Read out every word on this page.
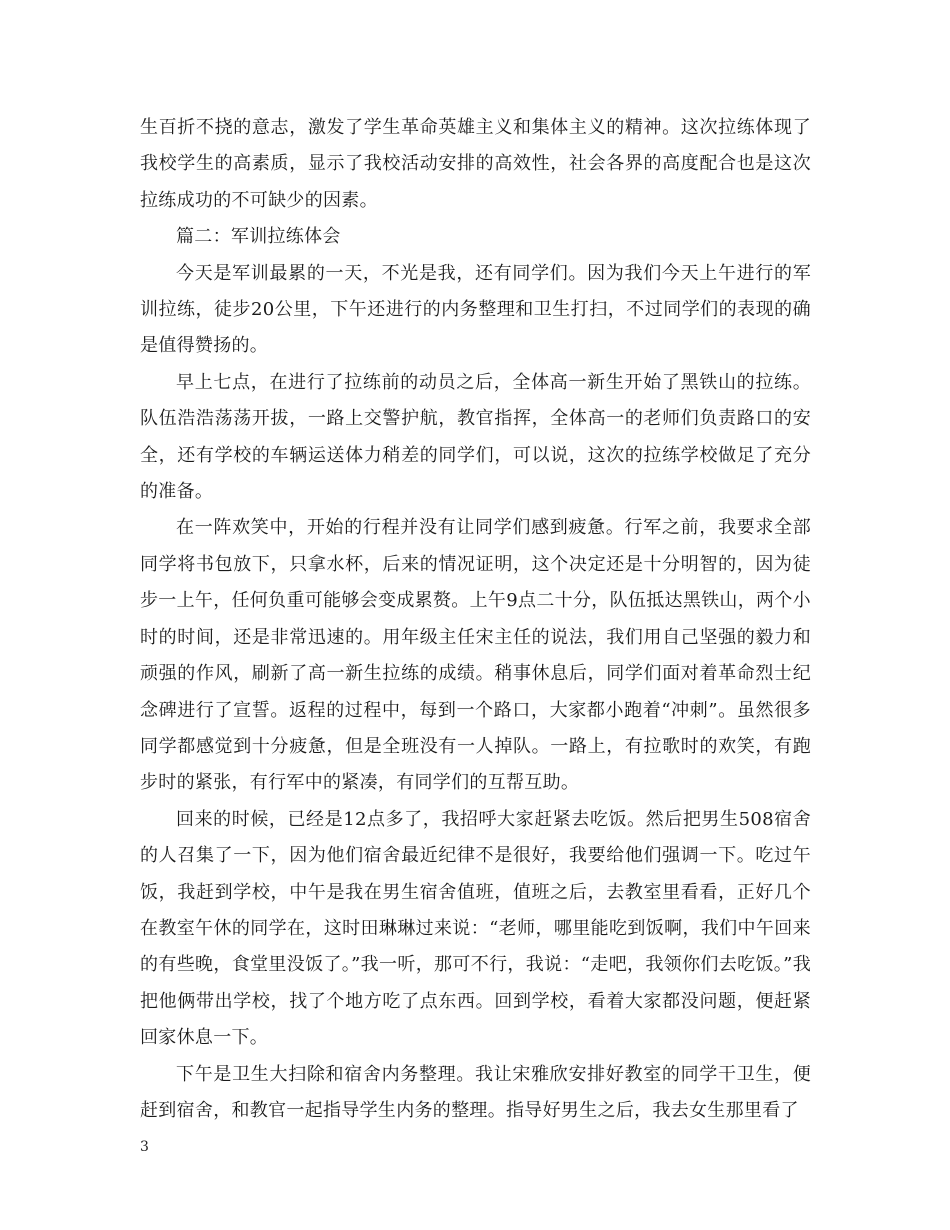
生百折不挠的意志，激发了学生革命英雄主义和集体主义的精神。这次拉练体现了我校学生的高素质，显示了我校活动安排的高效性，社会各界的高度配合也是这次拉练成功的不可缺少的因素。

篇二：军训拉练体会

今天是军训最累的一天，不光是我，还有同学们。因为我们今天上午进行的军训拉练，徒步20公里，下午还进行的内务整理和卫生打扫，不过同学们的表现的确是值得赞扬的。

早上七点，在进行了拉练前的动员之后，全体高一新生开始了黑铁山的拉练。队伍浩浩荡荡开拔，一路上交警护航，教官指挥，全体高一的老师们负责路口的安全，还有学校的车辆运送体力稍差的同学们，可以说，这次的拉练学校做足了充分的准备。

在一阵欢笑中，开始的行程并没有让同学们感到疲惫。行军之前，我要求全部同学将书包放下，只拿水杯，后来的情况证明，这个决定还是十分明智的，因为徒步一上午，任何负重可能够会变成累赘。上午9点二十分，队伍抵达黑铁山，两个小时的时间，还是非常迅速的。用年级主任宋主任的说法，我们用自己坚强的毅力和顽强的作风，刷新了高一新生拉练的成绩。稍事休息后，同学们面对着革命烈士纪念碑进行了宣誓。返程的过程中，每到一个路口，大家都小跑着“冲刺”。虽然很多同学都感觉到十分疲惫，但是全班没有一人掉队。一路上，有拉歌时的欢笑，有跑步时的紧张，有行军中的紧凑，有同学们的互帮互助。

回来的时候，已经是12点多了，我招呼大家赶紧去吃饭。然后把男生508宿舍的人召集了一下，因为他们宿舍最近纪律不是很好，我要给他们强调一下。吃过午饭，我赶到学校，中午是我在男生宿舍值班，值班之后，去教室里看看，正好几个在教室午休的同学在，这时田琳琳过来说：“老师，哪里能吃到饭啊，我们中午回来的有些晚，食堂里没饭了。”我一听，那可不行，我说：“走吧，我领你们去吃饭。”我把他俩带出学校，找了个地方吃了点东西。回到学校，看着大家都没问题，便赶紧回家休息一下。

下午是卫生大扫除和宿舍内务整理。我让宋雅欣安排好教室的同学干卫生，便赶到宿舍，和教官一起指导学生内务的整理。指导好男生之后，我去女生那里看了

3
